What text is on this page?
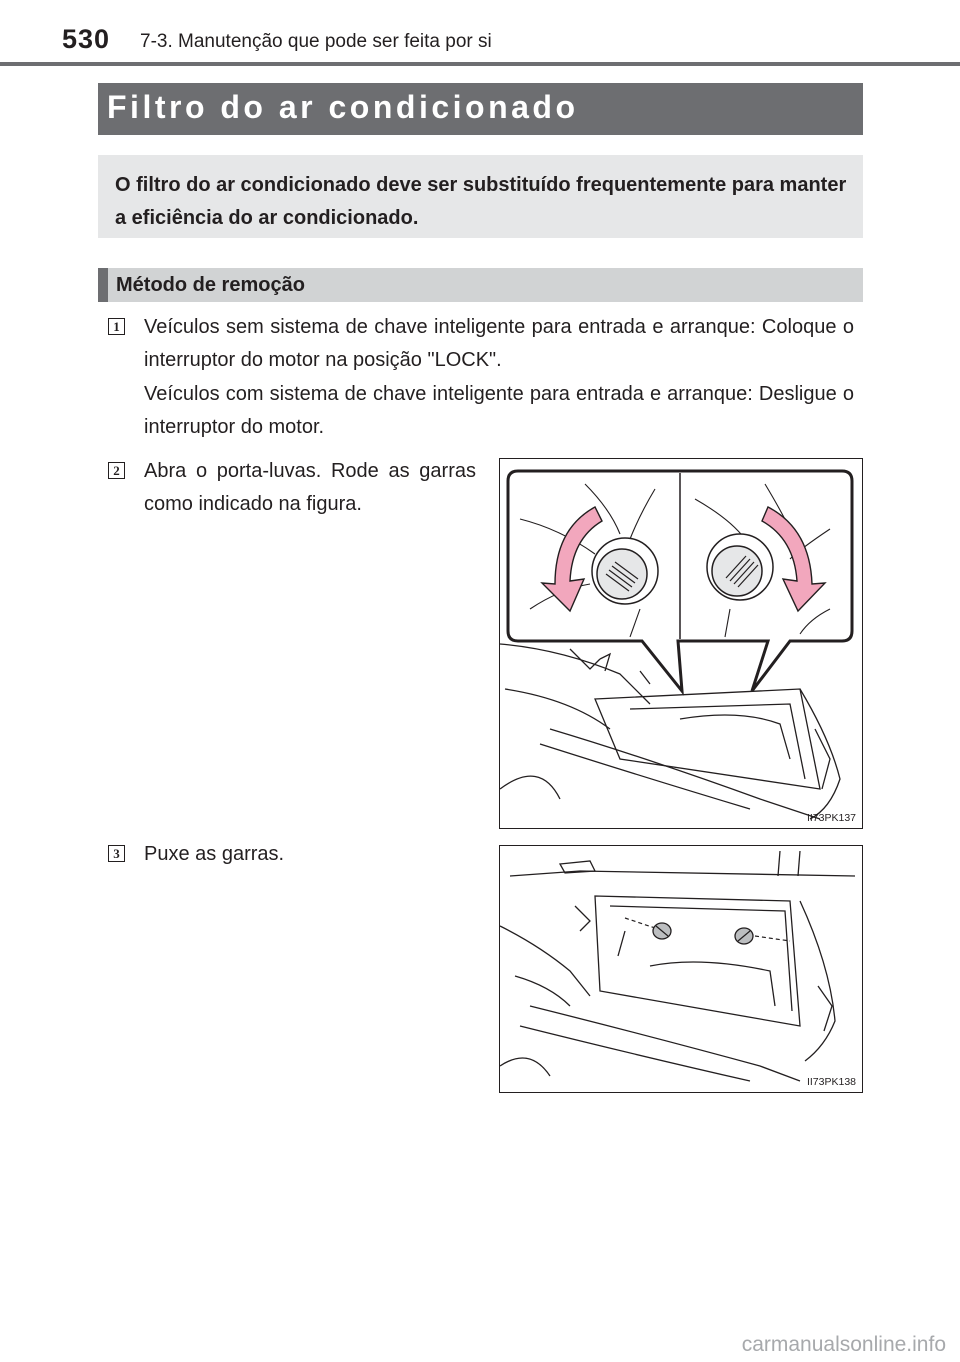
530 7-3. Manutenção que pode ser feita por si
Filtro do ar condicionado
O filtro do ar condicionado deve ser substituído frequentemente para manter a eficiência do ar condicionado.
Método de remoção
1 Veículos sem sistema de chave inteligente para entrada e arranque: Coloque o interruptor do motor na posição "LOCK".
Veículos com sistema de chave inteligente para entrada e arranque: Desligue o interruptor do motor.
2 Abra o porta-luvas. Rode as garras como indicado na figura.
II73PK137
3 Puxe as garras.
II73PK138
carmanualsonline.info
